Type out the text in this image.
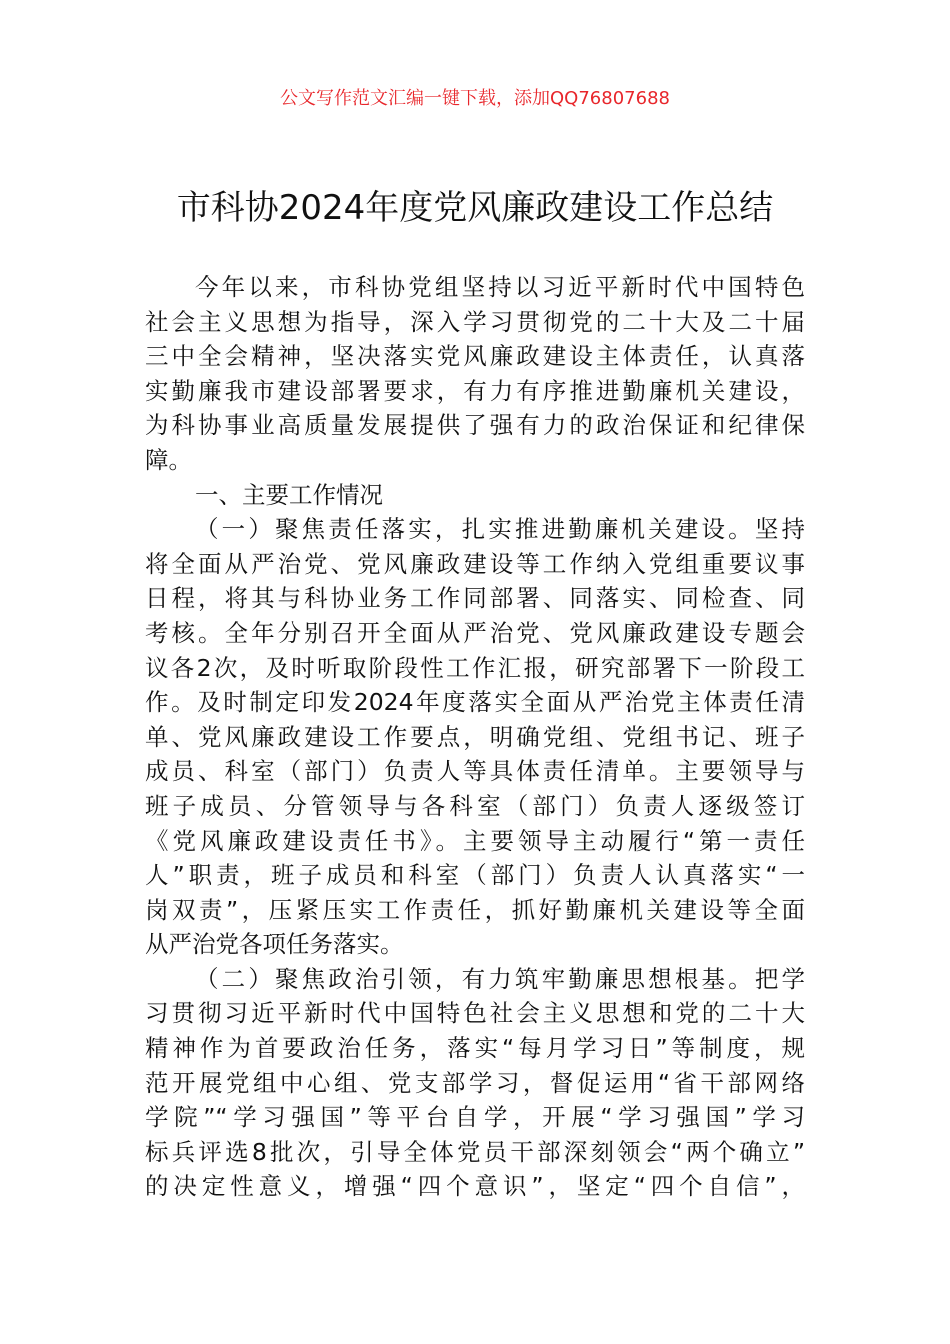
公文写作范文汇编一键下载，添加QQ76807688
市科协2024年度党风廉政建设工作总结
今年以来，市科协党组坚持以习近平新时代中国特色
社会主义思想为指导，深入学习贯彻党的二十大及二十届
三中全会精神，坚决落实党风廉政建设主体责任，认真落
实勤廉我市建设部署要求，有力有序推进勤廉机关建设，
为科协事业高质量发展提供了强有力的政治保证和纪律保
障。
一、主要工作情况
（一）聚焦责任落实，扎实推进勤廉机关建设。坚持
将全面从严治党、党风廉政建设等工作纳入党组重要议事
日程，将其与科协业务工作同部署、同落实、同检查、同
考核。全年分别召开全面从严治党、党风廉政建设专题会
议各2次，及时听取阶段性工作汇报，研究部署下一阶段工
作。及时制定印发2024年度落实全面从严治党主体责任清
单、党风廉政建设工作要点，明确党组、党组书记、班子
成员、科室（部门）负责人等具体责任清单。主要领导与
班子成员、分管领导与各科室（部门）负责人逐级签订
《党风廉政建设责任书》。主要领导主动履行“第一责任
人”职责，班子成员和科室（部门）负责人认真落实“一
岗双责”，压紧压实工作责任，抓好勤廉机关建设等全面
从严治党各项任务落实。
（二）聚焦政治引领，有力筑牢勤廉思想根基。把学
习贯彻习近平新时代中国特色社会主义思想和党的二十大
精神作为首要政治任务，落实“每月学习日”等制度，规
范开展党组中心组、党支部学习，督促运用“省干部网络
学院”“学习强国”等平台自学，开展“学习强国”学习
标兵评选8批次，引导全体党员干部深刻领会“两个确立”
的决定性意义，增强“四个意识”，坚定“四个自信”，
